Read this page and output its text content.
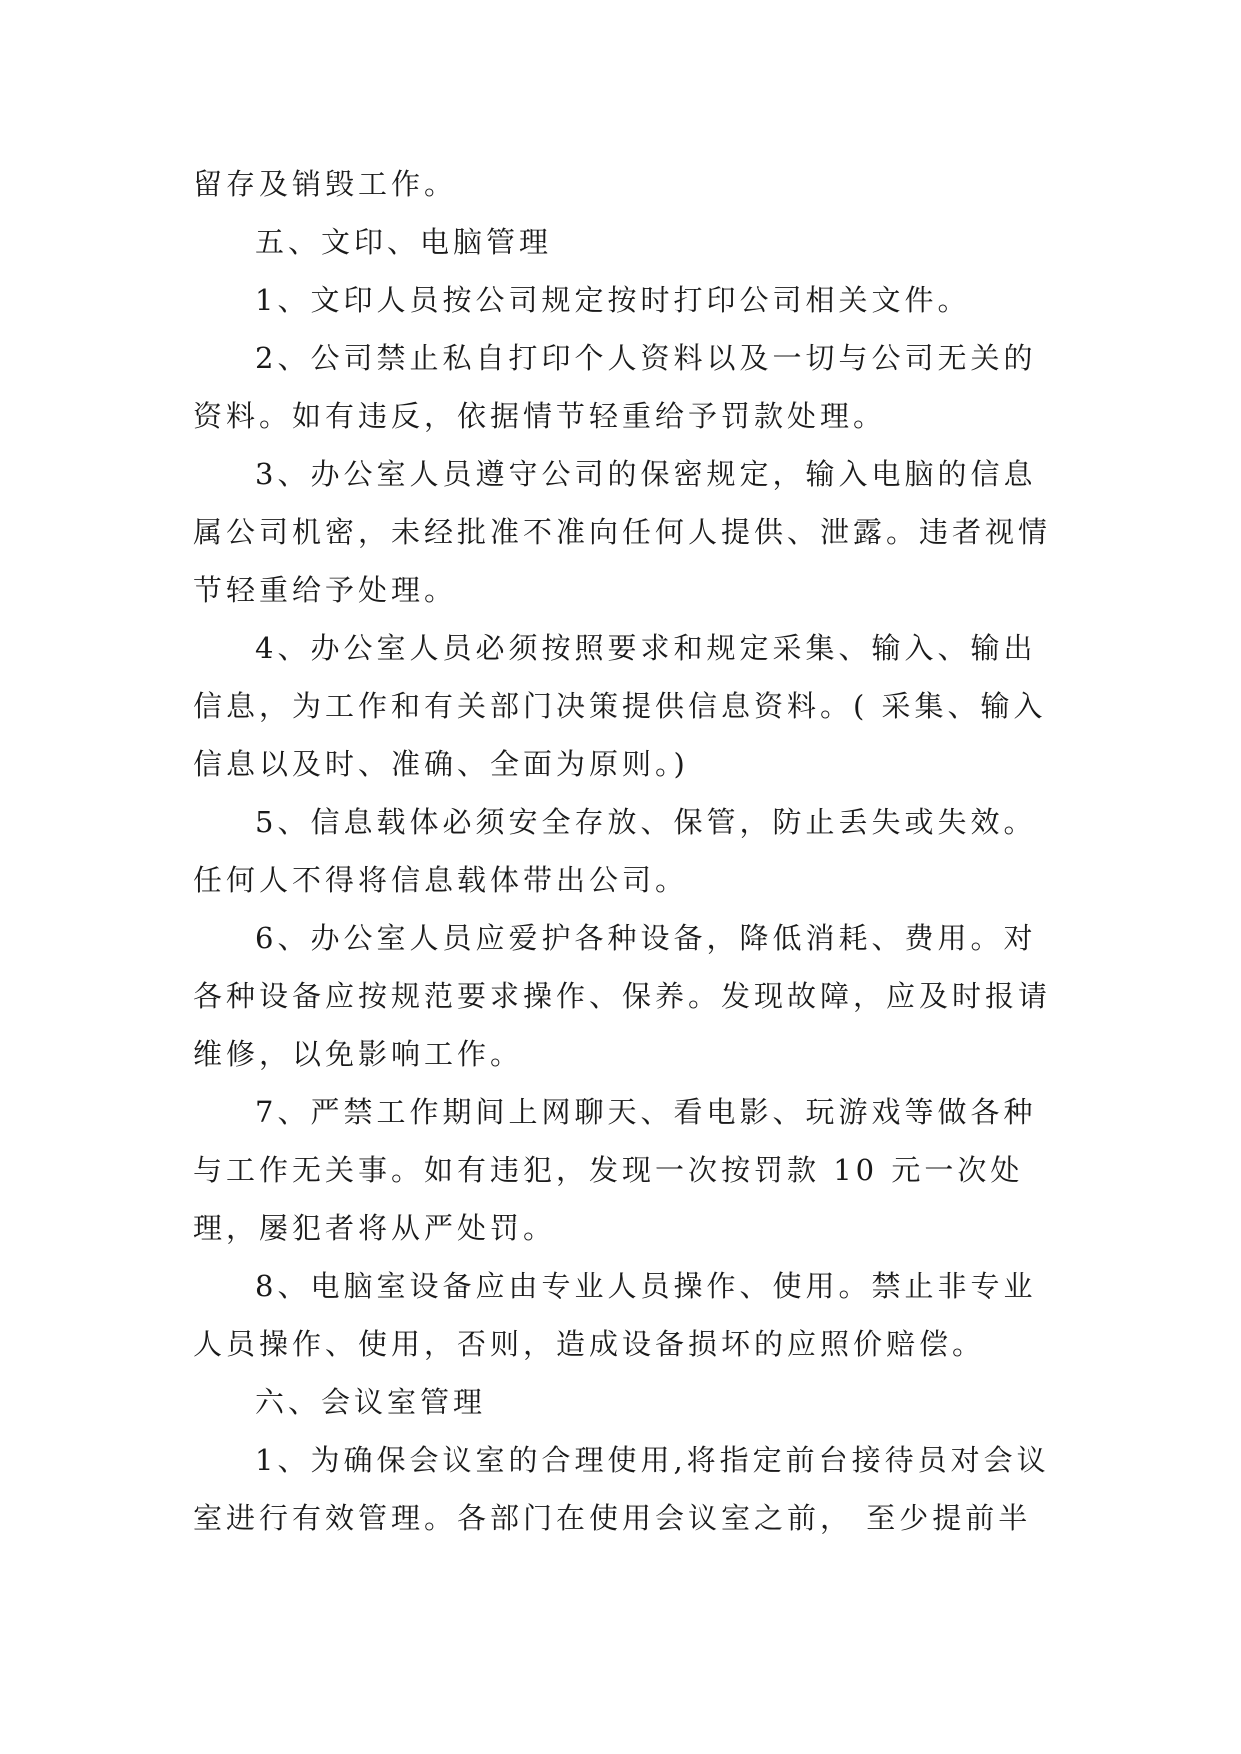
留存及销毁工作。

五、文印、电脑管理

1、文印人员按公司规定按时打印公司相关文件。

2、公司禁止私自打印个人资料以及一切与公司无关的资料。如有违反，依据情节轻重给予罚款处理。

3、办公室人员遵守公司的保密规定，输入电脑的信息属公司机密，未经批准不准向任何人提供、泄露。违者视情节轻重给予处理。

4、办公室人员必须按照要求和规定采集、输入、输出信息，为工作和有关部门决策提供信息资料。( 采集、输入信息以及时、准确、全面为原则。)

5、信息载体必须安全存放、保管，防止丢失或失效。任何人不得将信息载体带出公司。

6、办公室人员应爱护各种设备，降低消耗、费用。对各种设备应按规范要求操作、保养。发现故障，应及时报请维修，以免影响工作。

7、严禁工作期间上网聊天、看电影、玩游戏等做各种与工作无关事。如有违犯，发现一次按罚款 10 元一次处理，屡犯者将从严处罚。

8、电脑室设备应由专业人员操作、使用。禁止非专业人员操作、使用，否则，造成设备损坏的应照价赔偿。

六、会议室管理

1、为确保会议室的合理使用,将指定前台接待员对会议室进行有效管理。各部门在使用会议室之前， 至少提前半
